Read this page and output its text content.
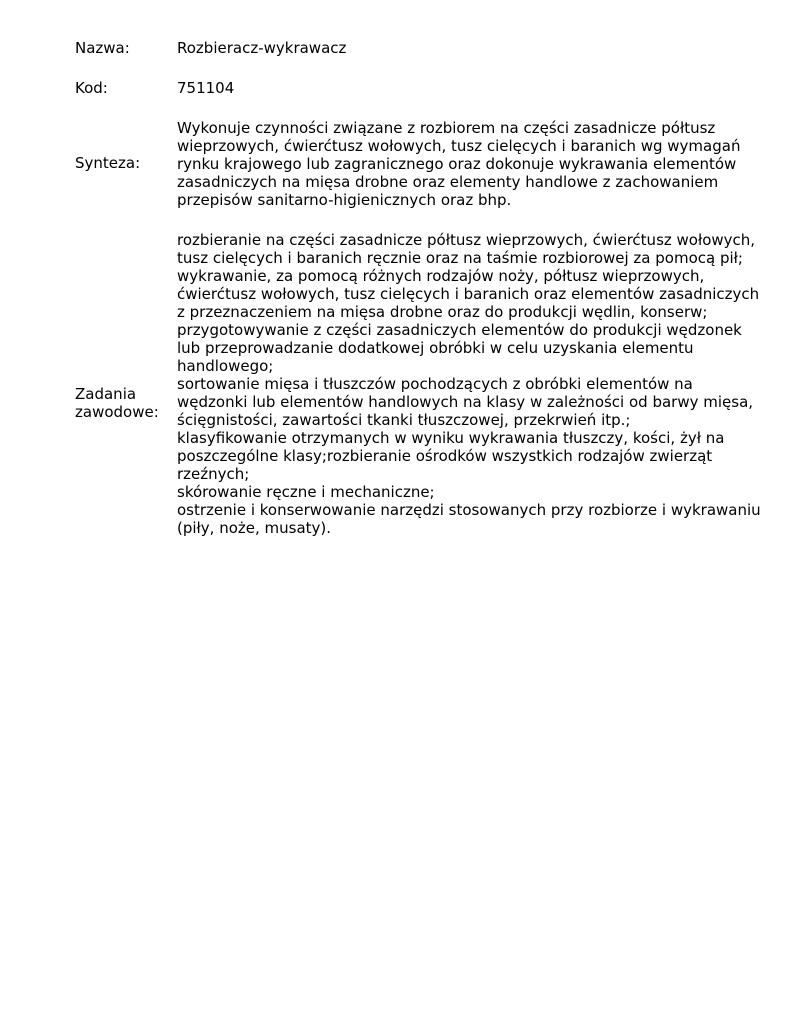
Nazwa:	Rozbieracz-wykrawacz
Kod:	751104
Synteza:
Wykonuje czynności związane z rozbiorem na części zasadnicze półtusz wieprzowych, ćwierćtusz wołowych, tusz cielęcych i baranich wg wymagań rynku krajowego lub zagranicznego oraz dokonuje wykrawania elementów zasadniczych na mięsa drobne oraz elementy handlowe z zachowaniem przepisów sanitarno-higienicznych oraz bhp.
Zadania
zawodowe:

rozbieranie na części zasadnicze półtusz wieprzowych, ćwierćtusz wołowych, tusz cielęcych i baranich ręcznie oraz na taśmie rozbiorowej za pomocą pił;

wykrawanie, za pomocą różnych rodzajów noży, półtusz wieprzowych, ćwierćtusz wołowych, tusz cielęcych i baranich oraz elementów zasadniczych z przeznaczeniem na mięsa drobne oraz do produkcji wędlin, konserw;

przygotowywanie z części zasadniczych elementów do produkcji wędzonek lub przeprowadzanie dodatkowej obróbki w celu uzyskania elementu handlowego;

sortowanie mięsa i tłuszczów pochodzących z obróbki elementów na wędzonki lub elementów handlowych na klasy w zależności od barwy mięsa, ścięgnistości, zawartości tkanki tłuszczowej, przekrwień itp.;

klasyfikowanie otrzymanych w wyniku wykrawania tłuszczy, kości, żył na poszczególne klasy;rozbieranie ośrodków wszystkich rodzajów zwierząt rzeźnych;

skórowanie ręczne i mechaniczne;

ostrzenie i konserwowanie narzędzi stosowanych przy rozbiorze i wykrawaniu (piły, noże, musaty).
